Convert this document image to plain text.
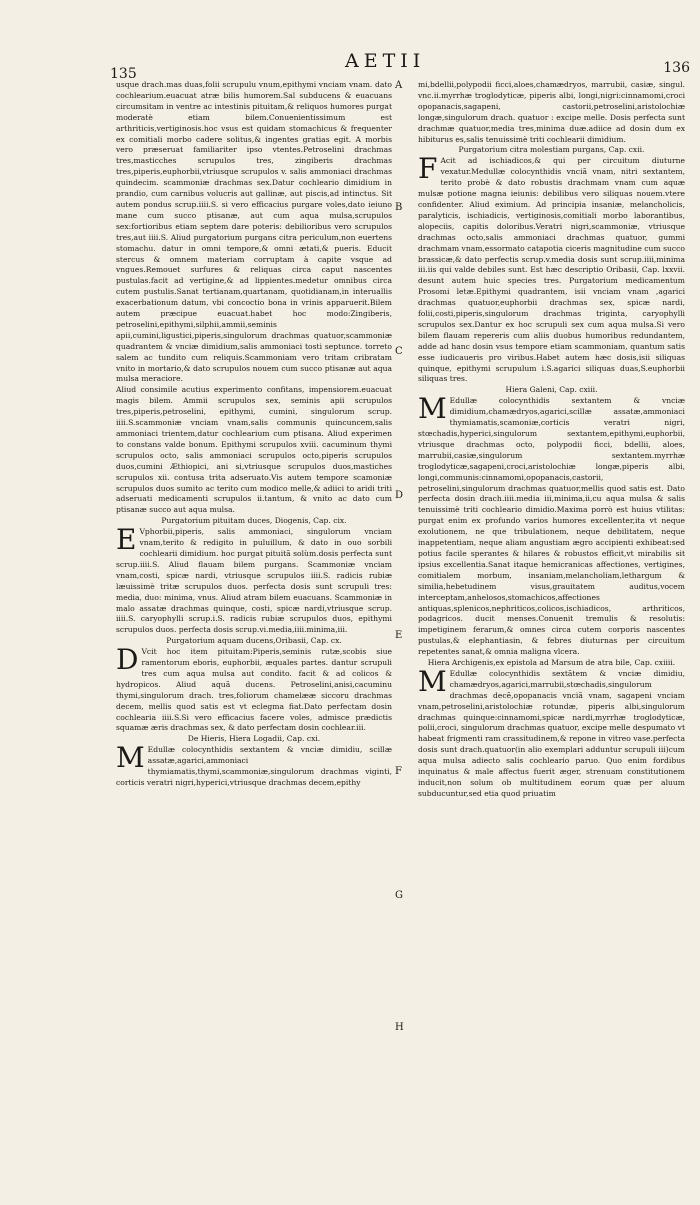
135
AETII	136
A
B
C
D
E
F
G
H

usque drach.mas duas,folii scrupulu vnum,epithymi vnciam vnam. dato cochlearium.euacuat atræ bilis humorem.Sal subducens & euacuans circumsitam in ventre ac intestinis pituitam,& reliquos humores purgat moderatè etiam bilem.Conuenientissimum est arthriticis,vertiginosis.hoc vsus est quidam stomachicus & frequenter ex comitiali morbo cadere solitus,& ingentes gratias egit. A morbis vero præseruat familiariter ipso vtentes.Petroselini drachmas tres,masticches scrupulos tres, zingiberis drachmas tres,piperis,euphorbii,vtriusque scrupulos v. salis ammoniaci drachmas quindecim. scammoniæ drachmas sex.Datur cochleario dimidium in prandio, cum carnibus volucris aut gallinæ, aut piscis,ad intinctus. Sit autem pondus scrup.iiii.S. si vero efficacius purgare voles,dato ieiuno mane cum succo ptisanæ, aut cum aqua mulsa,scrupulos sex:fortioribus etiam septem dare poteris: debilioribus vero scrupulos tres,aut iiii.S. Aliud purgatorium purgans citra periculum,non euertens stomachu. datur in omni tempore,& omni ætati,& pueris. Educit stercus & omnem materiam corruptam à capite vsque ad vngues.Remouet surfures & reliquas circa caput nascentes pustulas.facit ad vertigine,& ad lippientes.medetur omnibus circa cutem pustulis.Sanat tertianam,quartanam, quotidianam,in interuallis exacerbationum datum, vbi concoctio bona in vrinis apparuerit.Bilem autem præcipue euacuat.habet hoc modo:Zingiberis, petroselini,epithymi,silphii,ammii,seminis apii,cumini,ligustici,piperis,singulorum drachmas quatuor,scammoniæ quadrantem & vnciæ dimidium,salis ammoniaci tosti septunce. torreto salem ac tundito cum reliquis.Scammoniam vero tritam cribratam vnito in mortario,& dato scrupulos nouem cum succo ptisanæ aut aqua mulsa meraciore.

Aliud consimile acutius experimento confitans, impensiorem.euacuat magis bilem. Ammii scrupulos sex, seminis apii scrupulos tres,piperis,petroselini, epithymi, cumini, singulorum scrup. iiii.S.scammoniæ vnciam vnam,salis communis quincuncem,salis ammoniaci trientem,datur cochlearium cum ptisana. Aliud experimen to constans valde bonum. Epithymi scrupulos xviii. cacuminum thymi scrupulos octo, salis ammoniaci scrupulos octo,piperis scrupulos duos,cumini Æthiopici, ani si,vtriusque scrupulos duos,mastiches scrupulos xii. contusa trita adseruato.Vis autem tempore scamoniæ scrupulos duos sumito ac terito cum modico melle,& adiici to aridi triti adseruati medicamenti scrupulos ii.tantum, & vnito ac dato cum ptisanæ succo aut aqua mulsa.

Purgatorium pituitam duces, Diogenis, Cap. cix.

E Vphorbii,piperis, salis ammoniaci, singulorum vnciam vnam,terito & redigito in puluillum, & dato in ouo sorbili cochlearii dimidium. hoc purgat pituitã solùm.dosis perfecta sunt scrup.iiii.S. Aliud flauam bilem purgans. Scammoniæ vnciam vnam,costi, spicæ nardi, vtriusque scrupulos iiii.S. radicis rubiæ læuissimè tritæ scrupulos duos. perfecta dosis sunt scrupuli tres: media, duo: minima, vnus. Aliud atram bilem euacuans. Scammoniæ in malo assatæ drachmas quinque, costi, spicæ nardi,vtriusque scrup. iiii.S. caryophylli scrup.i.S. radicis rubiæ scrupulos duos, epithymi scrupulos duos. perfecta dosis scrup.vi.media,iiii.minima,iii.

Purgatorium aquam ducens,Oribasii, Cap. cx.

D Vcit hoc item pituitam:Piperis,seminis rutæ,scobis siue ramentorum eboris, euphorbii, æquales partes. dantur scrupuli tres cum aqua mulsa aut condito. facit & ad colicos & hydropicos. Aliud aquã ducens. Petroselini,anisi,cacuminu thymi,singulorum drach. tres,foliorum chamelææ siccoru drachmas decem, mellis quod satis est vt eclegma fiat.Dato perfectam dosin cochlearia iiii.S.Si vero efficacius facere voles, admisce prædictis squamæ æris drachmas sex, & dato perfectam dosin cochlear.iii.

De Hieris, Hiera Logadii, Cap. cxi.

M Edullæ colocynthidis sextantem & vnciæ dimidiu, scillæ assatæ,agarici,ammoniaci thymiamatis,thymi,scammoniæ,singulorum drachmas viginti, corticis veratri nigri,hyperici,vtriusque drachmas decem,epithy

mi,bdellii,polypodii ficci,aloes,chamædryos, marrubii, casiæ, singul. vnc.ii.myrrhæ troglodyticæ, piperis albi, longi,nigri:cinnamomi,croci opopanacis,sagapeni, castorii,petroselini,aristolochiæ longæ,singulorum drach. quatuor : excipe melle. Dosis perfecta sunt drachmæ quatuor,media tres,minima duæ.adiice ad dosin dum ex hibiturus es,salis tenuissimè triti cochlearii dimidium.

Purgatorium citra molestiam purgans, Cap. cxii.

F Acit ad ischiadicos,& qui per circuitum diuturne vexatur.Medullæ colocynthidis vnciã vnam, nitri sextantem, terito probè & dato robustis drachmam vnam cum aquæ mulsæ potione magna ieiunis: debilibus vero siliquas nouem.vtere confidenter. Aliud eximium. Ad principia insaniæ, melancholicis, paralyticis, ischiadicis, vertiginosis,comitiali morbo laborantibus, alopeciis, capitis doloribus.Veratri nigri,scammoniæ, vtriusque drachmas octo,salis ammoniaci drachmas quatuor, gummi drachmam vnam,essormato catapotia ciceris magnitudine cum succo brassicæ,& dato perfectis scrup.v.media dosis sunt scrup.iiii,minima iii.iis qui valde debiles sunt. Est hæc descriptio Oribasii, Cap. lxxvii. desunt autem huic species tres. Purgatorium medicamentum Prosomi letæ.Epithymi quadrantem, isii vnciam vnam ,agarici drachmas quatuor,euphorbii drachmas sex, spicæ nardi, folii,costi,piperis,singulorum drachmas triginta, caryophylli scrupulos sex.Dantur ex hoc scrupuli sex cum aqua mulsa.Si vero bilem flauam repereris cum aliis duobus humoribus redundantem, adde ad hanc dosin vsus tempore etiam scammoniam, quantum satis esse iudicaueris pro viribus.Habet autem hæc dosis,isii siliquas quinque, epithymi scrupulum i.S.agarici siliquas duas,S.euphorbii siliquas tres.

Hiera Galeni, Cap. cxiii.

M Edullæ colocynthidis sextantem & vnciæ dimidium,chamædryos,agarici,scillæ assatæ,ammoniaci thymiamatis,scamoniæ,corticis veratri nigri, stœchadis,hyperici,singulorum sextantem,epithymi,euphorbii, vtriusque drachmas octo, polypodii ficci, bdellii, aloes, marrubii,casiæ,singulorum sextantem.myrrhæ troglodyticæ,sagapeni,croci,aristolochiæ longæ,piperis albi, longi,communis:cinnamomi,opopanacis,castorii, petroselini,singulorum drachmas quatuor,mellis quod satis est. Dato perfecta dosin drach.iiii.media iii,minima,ii,cu aqua mulsa & salis tenuissimè triti cochleario dimidio.Maxima porrò est huius vtilitas: purgat enim ex profundo varios humores excellenter,ita vt neque exolutionem, ne que tribulationem, neque debilitatem, neque inappetentiam, neque aliam angustiam ægro accipienti exhibeat:sed potius facile sperantes & hilares & robustos efficit,vt mirabilis sit ipsius excellentia.Sanat itaque hemicranicas affectiones, vertigines, comitialem morbum, insaniam,melancholiam,lethargum & similia,hebetudinem visus,grauitatem auditus,vocem interceptam,anhelosos,stomachicos,affectiones antiquas,splenicos,nephriticos,colicos,ischiadicos, arthriticos, podagricos. ducit menses.Conuenit tremulis & resolutis: impetiginem ferarum,& omnes circa cutem corporis nascentes pustulas,& elephantiasin, & febres diuturnas per circuitum repetentes sanat,& omnia maligna vlcera.

Hiera Archigenis,ex epistola ad Marsum de atra bile, Cap. cxiiii.

M Edullæ colocynthidis sextãtem & vnciæ dimidiu, chamædryos,agarici,marrubii,stœchadis,singulorum drachmas decẽ,opopanacis vnciã vnam, sagapeni vnciam vnam,petroselini,aristolochiæ rotundæ, piperis albi,singulorum drachmas quinque:cinnamomi,spicæ nardi,myrrhæ troglodyticæ, polii,croci, singulorum drachmas quatuor, excipe melle despumato vt habeat frigmenti ram crassitudinem,& repone in vitreo vase.perfecta dosis sunt drach.quatuor(in alio exemplari adduntur scrupuli iii)cum aqua mulsa adiecto salis cochleario paruo. Quo enim fordibus inquinatus & male affectus fuerit æger, strenuam constitutionem inducit,non solum ob multitudinem eorum quæ per aluum subducuntur,sed etia quod priuatim
